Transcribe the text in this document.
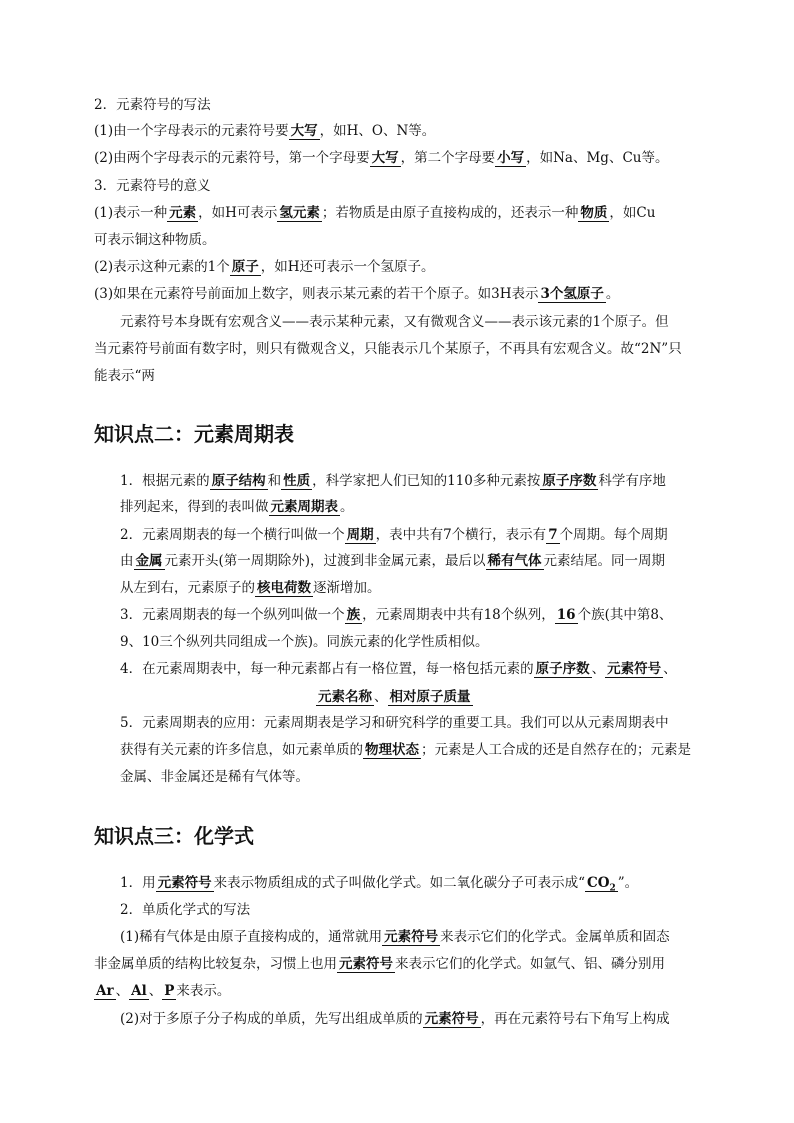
2．元素符号的写法
(1)由一个字母表示的元素符号要 大写 ，如H、O、N等。
(2)由两个字母表示的元素符号，第一个字母要 大写 ，第二个字母要 小写 ，如Na、Mg、Cu等。
3．元素符号的意义
(1)表示一种 元素 ，如H可表示 氢元素 ；若物质是由原子直接构成的，还表示一种 物质 ，如Cu
可表示铜这种物质。
(2)表示这种元素的1个 原子 ，如H还可表示一个氢原子。
(3)如果在元素符号前面加上数字，则表示某元素的若干个原子。如3H表示 3个氢原子 。
元素符号本身既有宏观含义——表示某种元素，又有微观含义——表示该元素的1个原子。但
当元素符号前面有数字时，则只有微观含义，只能表示几个某原子，不再具有宏观含义。故“2N”只
能表示“两
知识点二：元素周期表
1．根据元素的 原子结构 和 性质 ，科学家把人们已知的110多种元素按 原子序数 科学有序地
排列起来，得到的表叫做 元素周期表 。
2．元素周期表的每一个横行叫做一个 周期 ，表中共有7个横行，表示有 7 个周期。每个周期
由 金属 元素开头(第一周期除外)，过渡到非金属元素，最后以 稀有气体 元素结尾。同一周期
从左到右，元素原子的 核电荷数 逐渐增加。
3．元素周期表的每一个纵列叫做一个 族 ，元素周期表中共有18个纵列， 16 个族(其中第8、
9、10三个纵列共同组成一个族)。同族元素的化学性质相似。
4．在元素周期表中，每一种元素都占有一格位置，每一格包括元素的 原子序数 、 元素符号 、
元素名称 、 相对原子质量
5．元素周期表的应用：元素周期表是学习和研究科学的重要工具。我们可以从元素周期表中
获得有关元素的许多信息，如元素单质的 物理状态 ；元素是人工合成的还是自然存在的；元素是
金属、非金属还是稀有气体等。
知识点三：化学式
1．用 元素符号 来表示物质组成的式子叫做化学式。如二氧化碳分子可表示成“ $CO_2$ ”。
2．单质化学式的写法
(1)稀有气体是由原子直接构成的，通常就用 元素符号 来表示它们的化学式。金属单质和固态
非金属单质的结构比较复杂，习惯上也用 元素符号 来表示它们的化学式。如氩气、铝、磷分别用
Ar 、 Al 、 P 来表示。
(2)对于多原子分子构成的单质，先写出组成单质的 元素符号 ，再在元素符号右下角写上构成
